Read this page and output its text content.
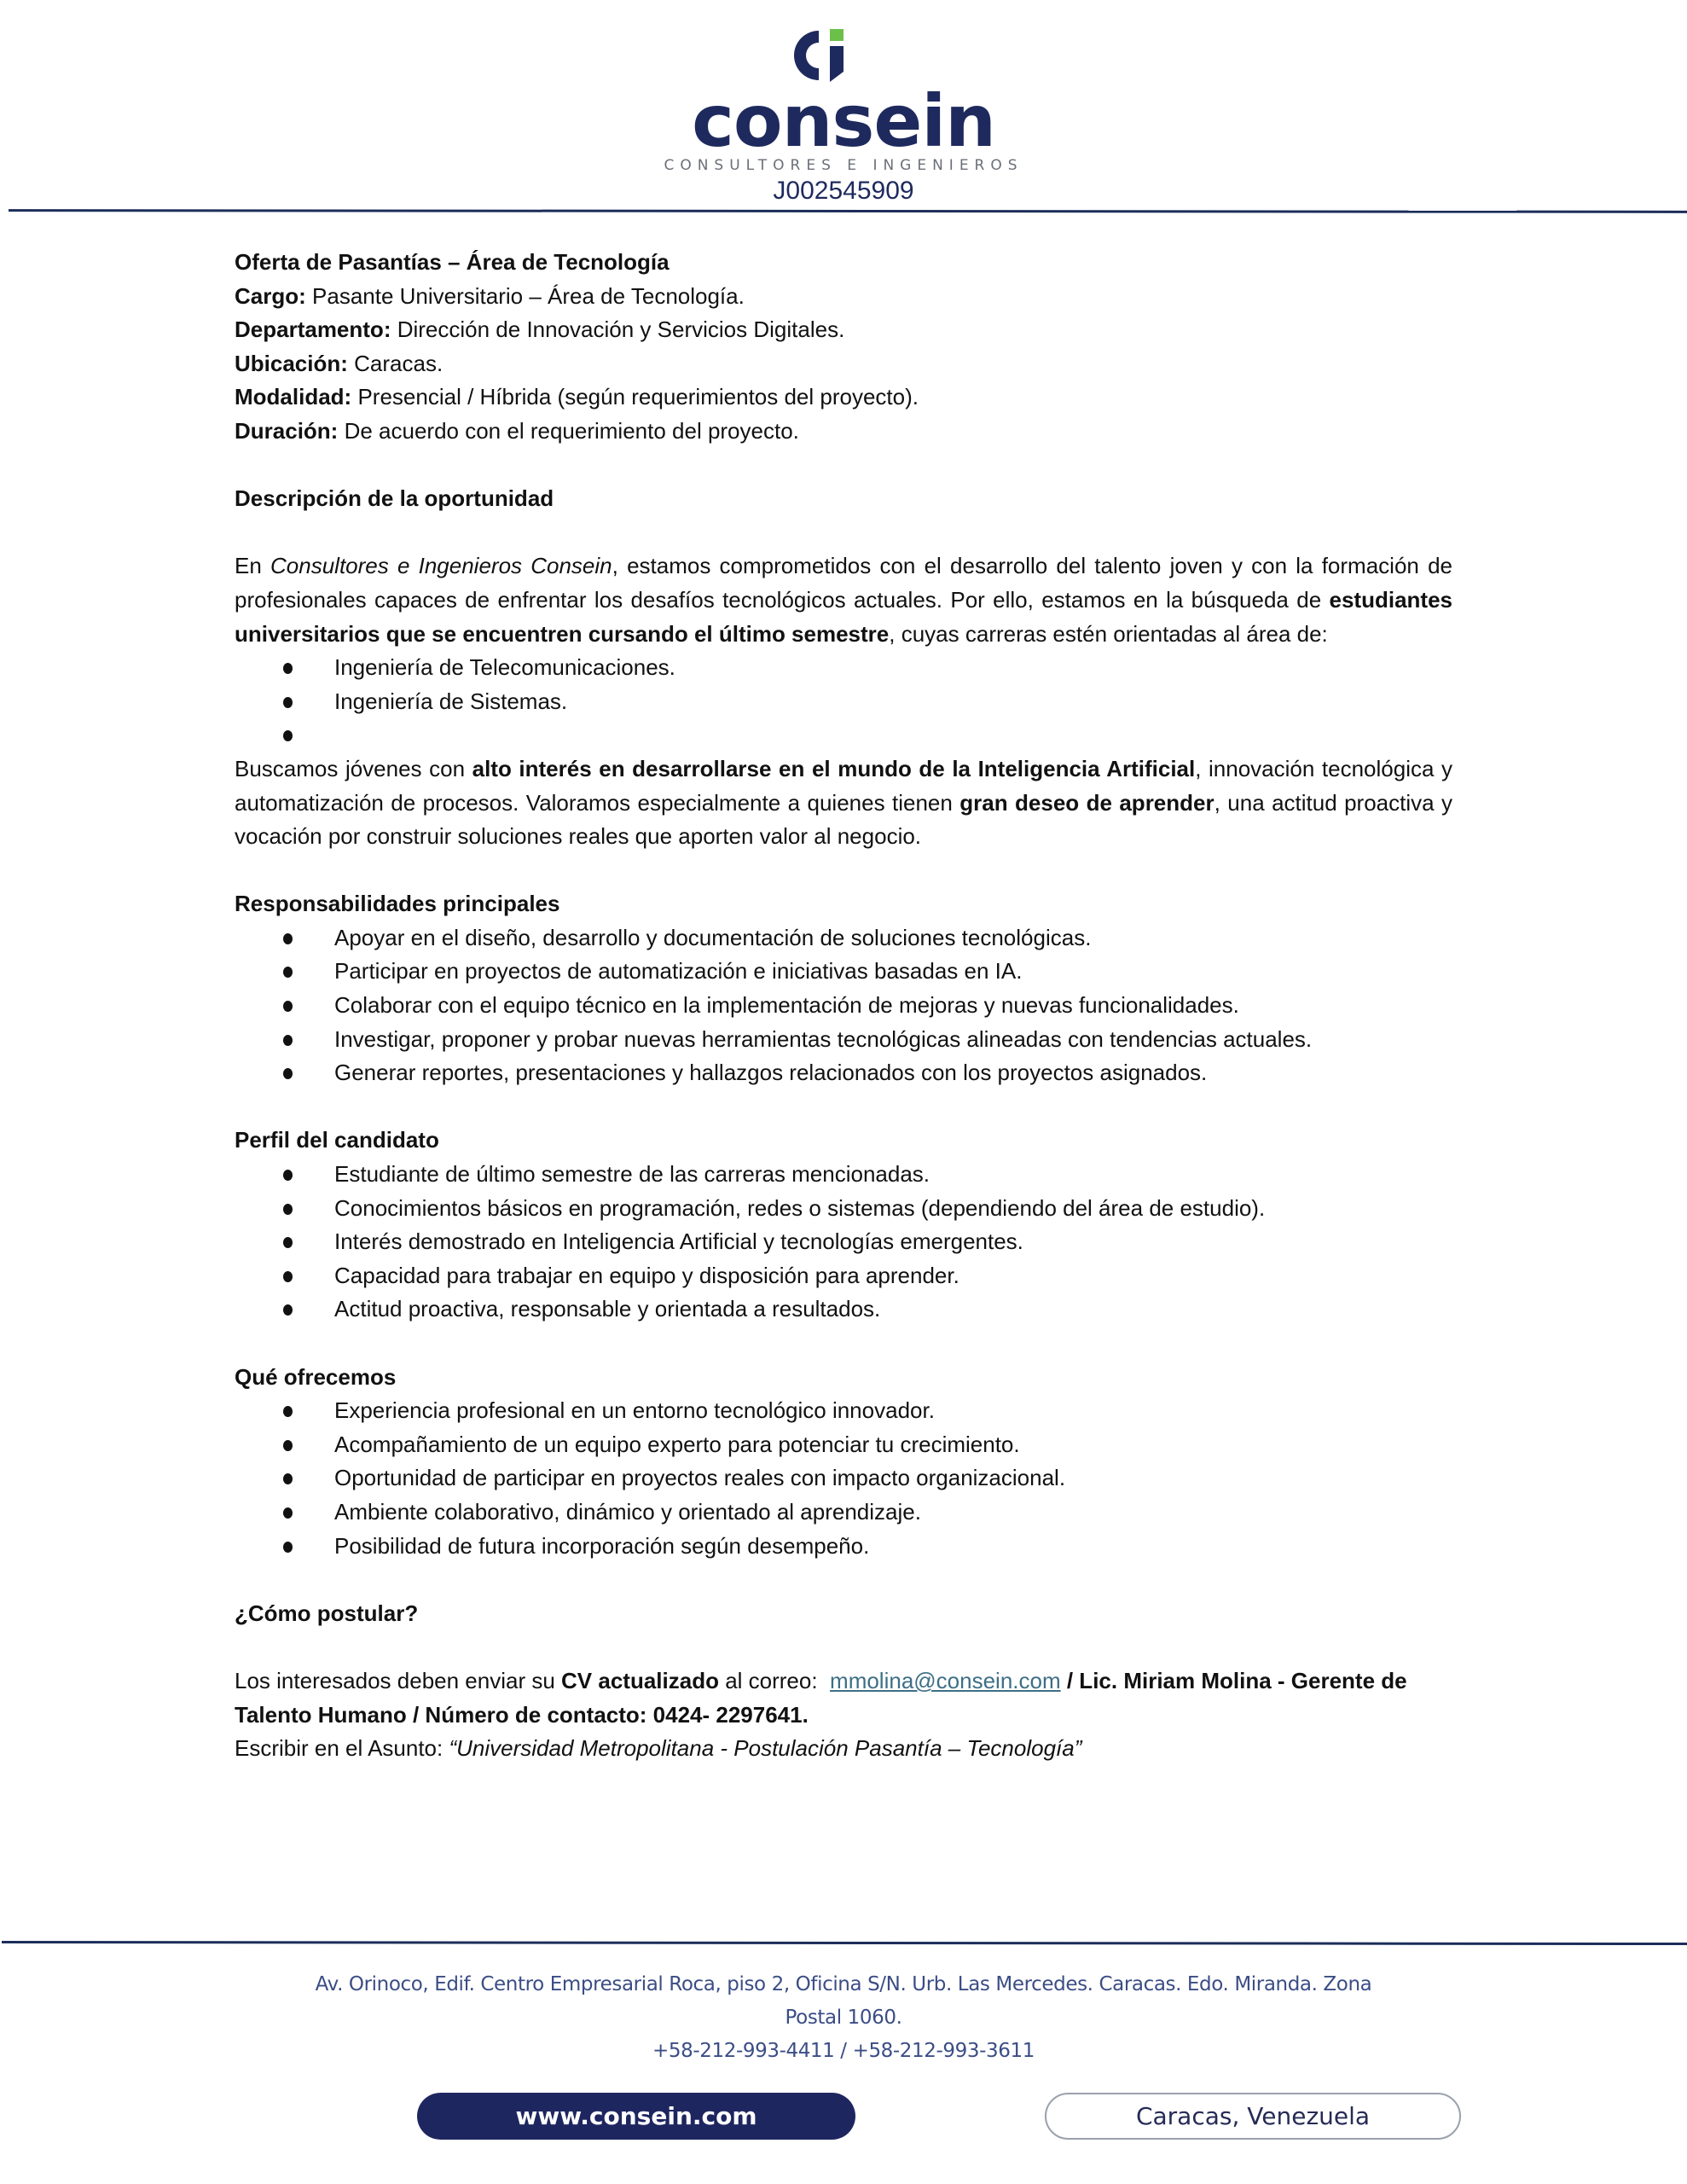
consein
CONSULTORES E INGENIEROS
J002545909

Oferta de Pasantías – Área de Tecnología

Cargo: Pasante Universitario – Área de Tecnología.

Departamento: Dirección de Innovación y Servicios Digitales.

Ubicación: Caracas.

Modalidad: Presencial / Híbrida (según requerimientos del proyecto).

Duración: De acuerdo con el requerimiento del proyecto.

Descripción de la oportunidad

En Consultores e Ingenieros Consein, estamos comprometidos con el desarrollo del talento joven y con la formación de profesionales capaces de enfrentar los desafíos tecnológicos actuales. Por ello, estamos en la búsqueda de estudiantes universitarios que se encuentren cursando el último semestre, cuyas carreras estén orientadas al área de:

Ingeniería de Telecomunicaciones.
Ingeniería de Sistemas.

Buscamos jóvenes con alto interés en desarrollarse en el mundo de la Inteligencia Artificial, innovación tecnológica y automatización de procesos. Valoramos especialmente a quienes tienen gran deseo de aprender, una actitud proactiva y vocación por construir soluciones reales que aporten valor al negocio.

Responsabilidades principales

Apoyar en el diseño, desarrollo y documentación de soluciones tecnológicas.
Participar en proyectos de automatización e iniciativas basadas en IA.
Colaborar con el equipo técnico en la implementación de mejoras y nuevas funcionalidades.
Investigar, proponer y probar nuevas herramientas tecnológicas alineadas con tendencias actuales.
Generar reportes, presentaciones y hallazgos relacionados con los proyectos asignados.

Perfil del candidato

Estudiante de último semestre de las carreras mencionadas.
Conocimientos básicos en programación, redes o sistemas (dependiendo del área de estudio).
Interés demostrado en Inteligencia Artificial y tecnologías emergentes.
Capacidad para trabajar en equipo y disposición para aprender.
Actitud proactiva, responsable y orientada a resultados.

Qué ofrecemos

Experiencia profesional en un entorno tecnológico innovador.
Acompañamiento de un equipo experto para potenciar tu crecimiento.
Oportunidad de participar en proyectos reales con impacto organizacional.
Ambiente colaborativo, dinámico y orientado al aprendizaje.
Posibilidad de futura incorporación según desempeño.

¿Cómo postular?

Los interesados deben enviar su CV actualizado al correo:  mmolina@consein.com / Lic. Miriam Molina - Gerente de Talento Humano / Número de contacto: 0424- 2297641.

Escribir en el Asunto: “Universidad Metropolitana - Postulación Pasantía – Tecnología”

Av. Orinoco, Edif. Centro Empresarial Roca, piso 2, Oficina S/N. Urb. Las Mercedes. Caracas. Edo. Miranda. Zona
Postal 1060.
+58-212-993-4411 / +58-212-993-3611
www.consein.com	Caracas, Venezuela
